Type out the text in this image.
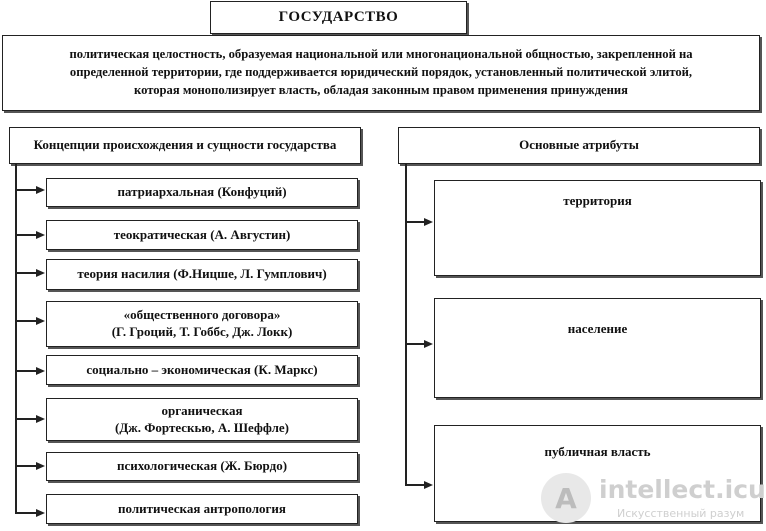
ГОСУДАРСТВО
политическая целостность, образуемая национальной или многонациональной общностью, закрепленной на
определенной территории, где поддерживается юридический порядок, установленный политической элитой,
которая монополизирует власть, обладая законным правом применения принуждения
Концепции происхождения и сущности государства	Основные атрибуты
патриархальная (Конфуций)
теократическая (А. Августин)
теория насилия (Ф.Ницше, Л. Гумплович)
«общественного договора»
(Г. Гроций, Т. Гоббс, Дж. Локк)
социально – экономическая (К. Маркс)
органическая
(Дж. Фортескью, А. Шеффле)
психологическая (Ж. Бюрдо)
политическая антропология
территория
население
публичная власть
A intellect.icu
Искусственный разум
